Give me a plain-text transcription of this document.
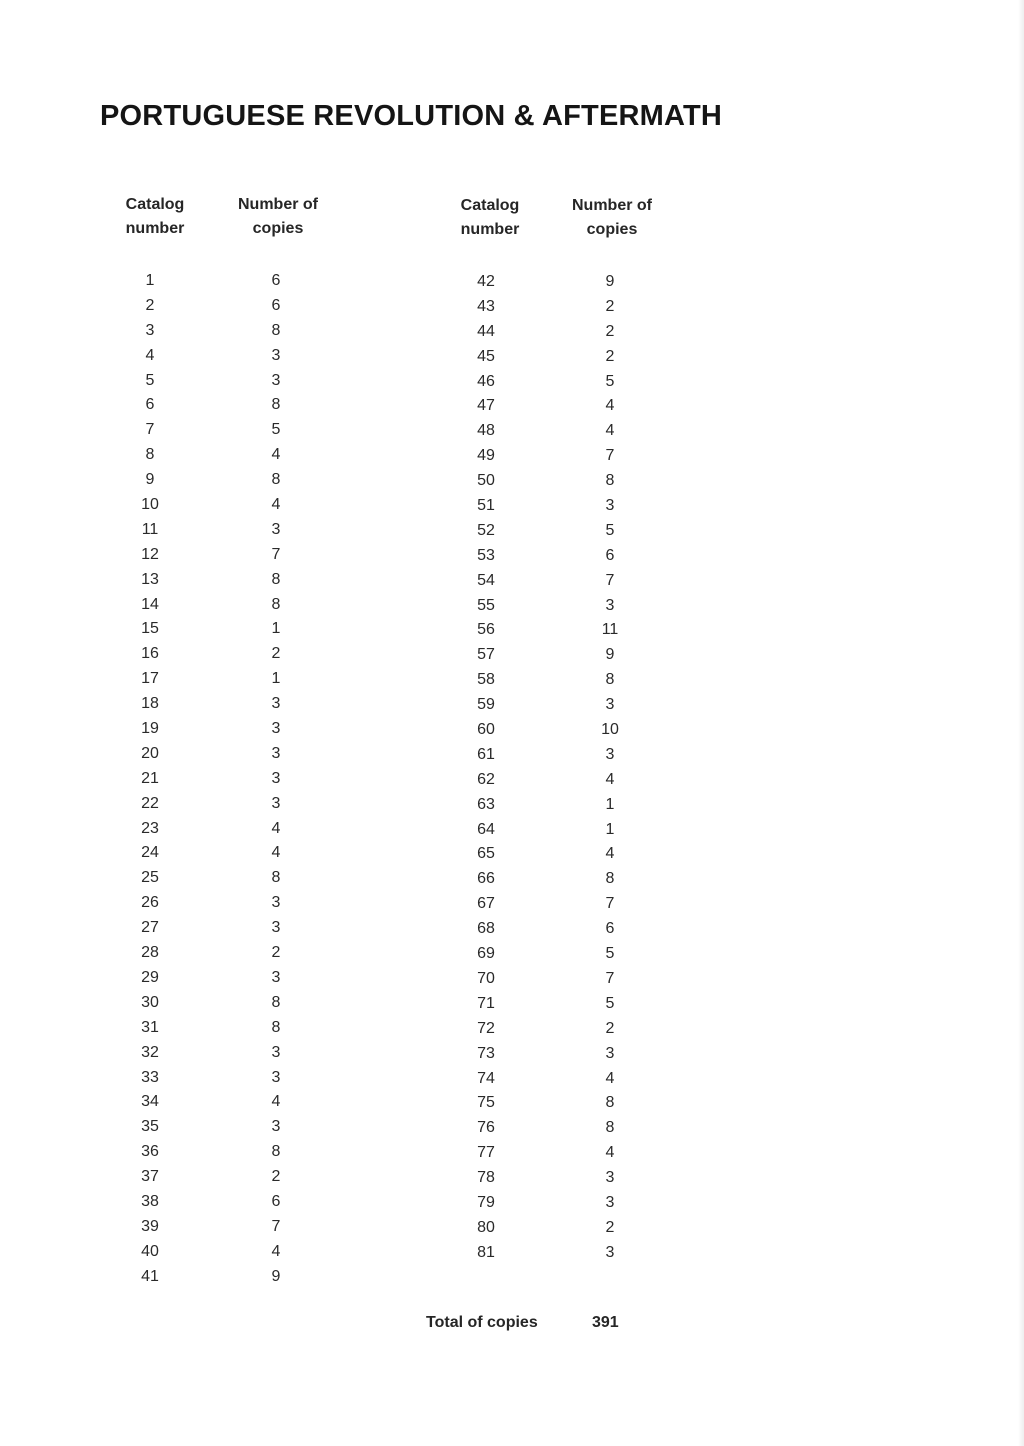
PORTUGUESE REVOLUTION & AFTERMATH
Catalog
number
Number of
copies
Catalog
number
Number of
copies
1
2
3
4
5
6
7
8
9
10
11
12
13
14
15
16
17
18
19
20
21
22
23
24
25
26
27
28
29
30
31
32
33
34
35
36
37
38
39
40
41
6
6
8
3
3
8
5
4
8
4
3
7
8
8
1
2
1
3
3
3
3
3
4
4
8
3
3
2
3
8
8
3
3
4
3
8
2
6
7
4
9
42
43
44
45
46
47
48
49
50
51
52
53
54
55
56
57
58
59
60
61
62
63
64
65
66
67
68
69
70
71
72
73
74
75
76
77
78
79
80
81
9
2
2
2
5
4
4
7
8
3
5
6
7
3
11
9
8
3
10
3
4
1
1
4
8
7
6
5
7
5
2
3
4
8
8
4
3
3
2
3
Total of copies	391
